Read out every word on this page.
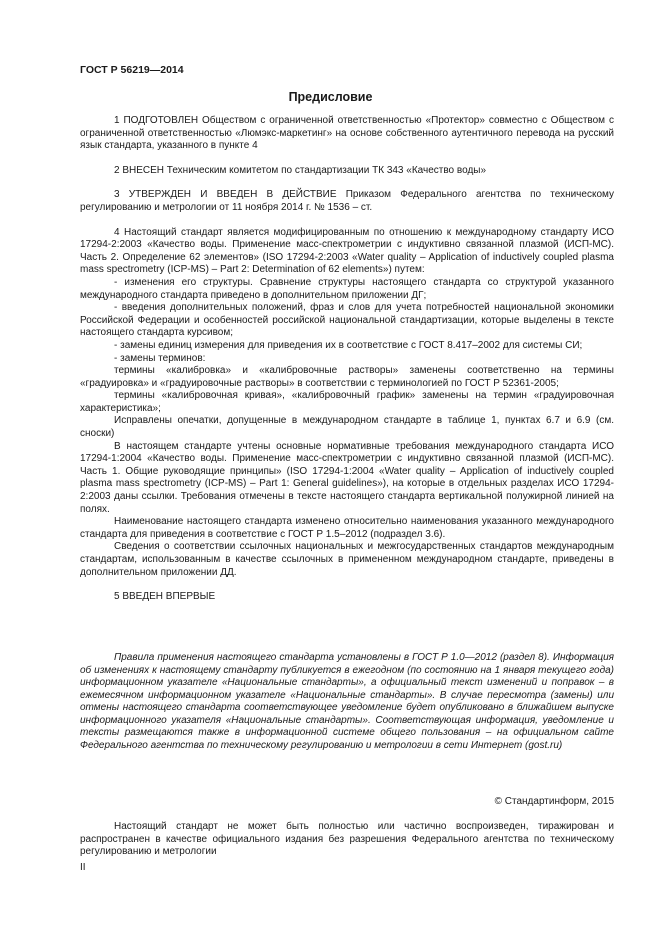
ГОСТ Р 56219—2014
Предисловие

1 ПОДГОТОВЛЕН Обществом с ограниченной ответственностью «Протектор» совместно с Обществом с ограниченной ответственностью «Люмэкс-маркетинг» на основе собственного аутентичного перевода на русский язык стандарта, указанного в пункте 4

2 ВНЕСЕН Техническим комитетом по стандартизации ТК 343 «Качество воды»

3 УТВЕРЖДЕН И ВВЕДЕН В ДЕЙСТВИЕ Приказом Федерального агентства по техническому регулированию и метрологии от 11 ноября 2014 г. № 1536 – ст.

4 Настоящий стандарт является модифицированным по отношению к международному стандарту ИСО 17294-2:2003 «Качество воды. Применение масс-спектрометрии с индуктивно связанной плазмой (ИСП-МС). Часть 2. Определение 62 элементов» (ISO 17294-2:2003 «Water quality – Application of inductively coupled plasma mass spectrometry (ICP-MS) – Part 2: Determination of 62 elements») путем:

- изменения его структуры. Сравнение структуры настоящего стандарта со структурой указанного международного стандарта приведено в дополнительном приложении ДГ;

- введения дополнительных положений, фраз и слов для учета потребностей национальной экономики Российской Федерации и особенностей российской национальной стандартизации, которые выделены в тексте настоящего стандарта курсивом;

- замены единиц измерения для приведения их в соответствие с ГОСТ 8.417–2002 для системы СИ;

- замены терминов:

термины «калибровка» и «калибровочные растворы» заменены соответственно на термины «градуировка» и «градуировочные растворы» в соответствии с терминологией по ГОСТ Р 52361-2005;

термины «калибровочная кривая», «калибровочный график» заменены на термин «градуировочная характеристика»;

Исправлены опечатки, допущенные в международном стандарте в таблице 1, пунктах 6.7 и 6.9 (см. сноски)

В настоящем стандарте учтены основные нормативные требования международного стандарта ИСО 17294-1:2004 «Качество воды. Применение масс-спектрометрии с индуктивно связанной плазмой (ИСП-МС). Часть 1. Общие руководящие принципы» (ISO 17294-1:2004 «Water quality – Application of inductively coupled plasma mass spectrometry (ICP-MS) – Part 1: General guidelines»), на которые в отдельных разделах ИСО 17294-2:2003 даны ссылки. Требования отмечены в тексте настоящего стандарта вертикальной полужирной линией на полях.

Наименование настоящего стандарта изменено относительно наименования указанного международного стандарта для приведения в соответствие с ГОСТ Р 1.5–2012 (подраздел 3.6).

Сведения о соответствии ссылочных национальных и межгосударственных стандартов международным стандартам, использованным в качестве ссылочных в примененном международном стандарте, приведены в дополнительном приложении ДД.

5 ВВЕДЕН ВПЕРВЫЕ

Правила применения настоящего стандарта установлены в ГОСТ Р 1.0—2012 (раздел 8). Информация об изменениях к настоящему стандарту публикуется в ежегодном (по состоянию на 1 января текущего года) информационном указателе «Национальные стандарты», а официальный текст изменений и поправок – в ежемесячном информационном указателе «Национальные стандарты». В случае пересмотра (замены) или отмены настоящего стандарта соответствующее уведомление будет опубликовано в ближайшем выпуске информационного указателя «Национальные стандарты». Соответствующая информация, уведомление и тексты размещаются также в информационной системе общего пользования – на официальном сайте Федерального агентства по техническому регулированию и метрологии в сети Интернет (gost.ru)

© Стандартинформ, 2015

Настоящий стандарт не может быть полностью или частично воспроизведен, тиражирован и распространен в качестве официального издания без разрешения Федерального агентства по техническому регулированию и метрологии

II
